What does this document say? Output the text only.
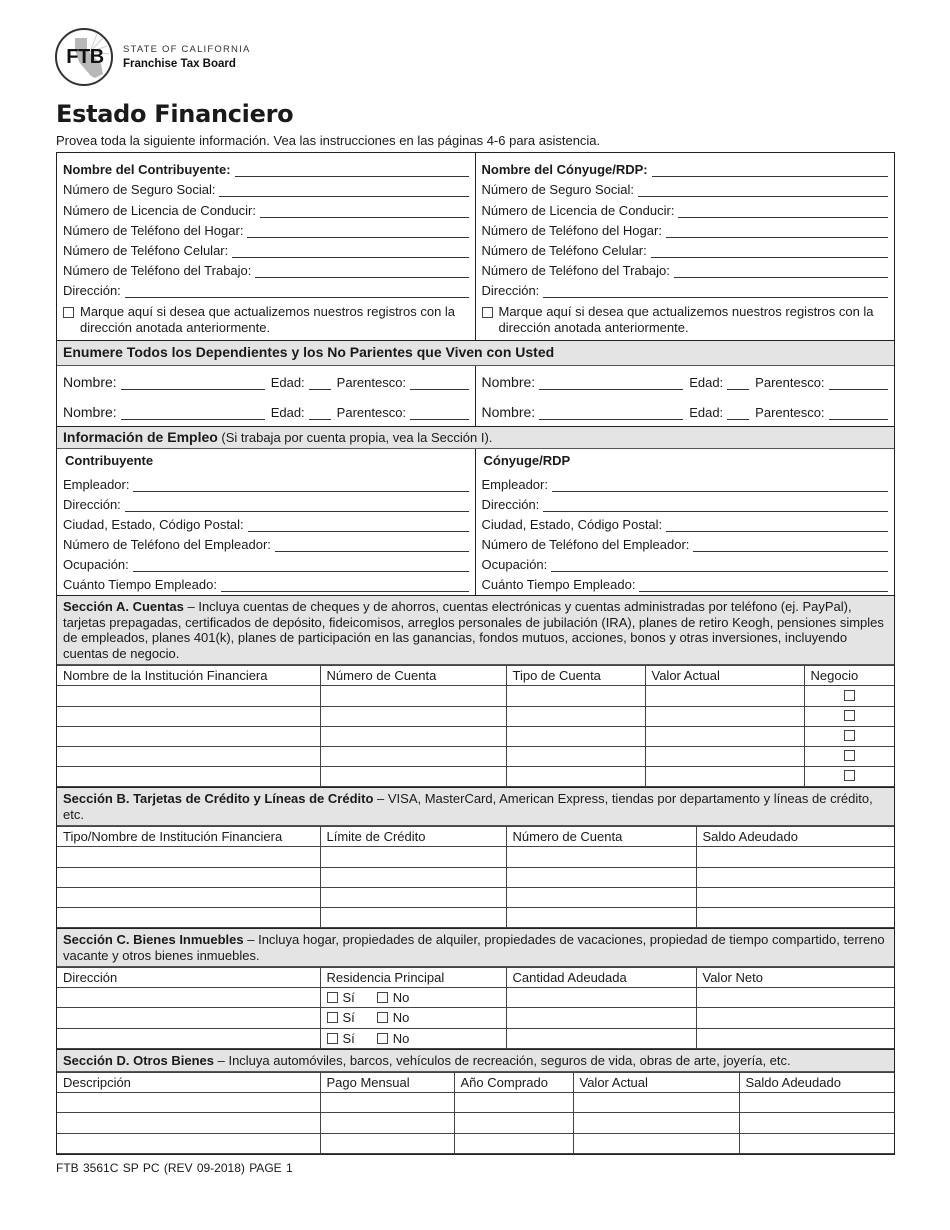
FTB	STATE OF CALIFORNIA
Franchise Tax Board
Estado Financiero
Provea toda la siguiente información. Vea las instrucciones en las páginas 4-6 para asistencia.
Nombre del Contribuyente:
Número de Seguro Social:
Número de Licencia de Conducir:
Número de Teléfono del Hogar:
Número de Teléfono Celular:
Número de Teléfono del Trabajo:
Dirección:
Marque aquí si desea que actualizemos nuestros registros con la dirección anotada anteriormente.
Nombre del Cónyuge/RDP:
Número de Seguro Social:
Número de Licencia de Conducir:
Número de Teléfono del Hogar:
Número de Teléfono Celular:
Número de Teléfono del Trabajo:
Dirección:
Marque aquí si desea que actualizemos nuestros registros con la dirección anotada anteriormente.
Enumere Todos los Dependientes y los No Parientes que Viven con Usted
Nombre:	Edad: Parentesco:	Nombre:	Edad: Parentesco:
Nombre:	Edad: Parentesco:	Nombre:	Edad: Parentesco:
Información de Empleo (Si trabaja por cuenta propia, vea la Sección I).
Contribuyente
Empleador:
Dirección:
Ciudad, Estado, Código Postal:
Número de Teléfono del Empleador:
Ocupación:
Cuánto Tiempo Empleado:
Cónyuge/RDP
Empleador:
Dirección:
Ciudad, Estado, Código Postal:
Número de Teléfono del Empleador:
Ocupación:
Cuánto Tiempo Empleado:
Sección A. Cuentas – Incluya cuentas de cheques y de ahorros, cuentas electrónicas y cuentas administradas por teléfono (ej. PayPal), tarjetas prepagadas, certificados de depósito, fideicomisos, arreglos personales de jubilación (IRA), planes de retiro Keogh, pensiones simples de empleados, planes 401(k), planes de participación en las ganancias, fondos mutuos, acciones, bonos y otras inversiones, incluyendo cuentas de negocio.
Nombre de la Institución Financiera	Número de Cuenta	Tipo de Cuenta	Valor Actual	Negocio

Sección B. Tarjetas de Crédito y Líneas de Crédito – VISA, MasterCard, American Express, tiendas por departamento y líneas de crédito, etc.
Tipo/Nombre de Institución Financiera	Límite de Crédito	Número de Cuenta	Saldo Adeudado

Sección C. Bienes Inmuebles – Incluya hogar, propiedades de alquiler, propiedades de vacaciones, propiedad de tiempo compartido, terreno vacante y otros bienes inmuebles.
Dirección	Residencia Principal	Cantidad Adeudada	Valor Neto

	Sí No		

	Sí No		

	Sí No		

Sección D. Otros Bienes – Incluya automóviles, barcos, vehículos de recreación, seguros de vida, obras de arte, joyería, etc.
Descripción	Pago Mensual	Año Comprado	Valor Actual	Saldo Adeudado

FTB 3561C SP PC (REV 09-2018) PAGE 1
